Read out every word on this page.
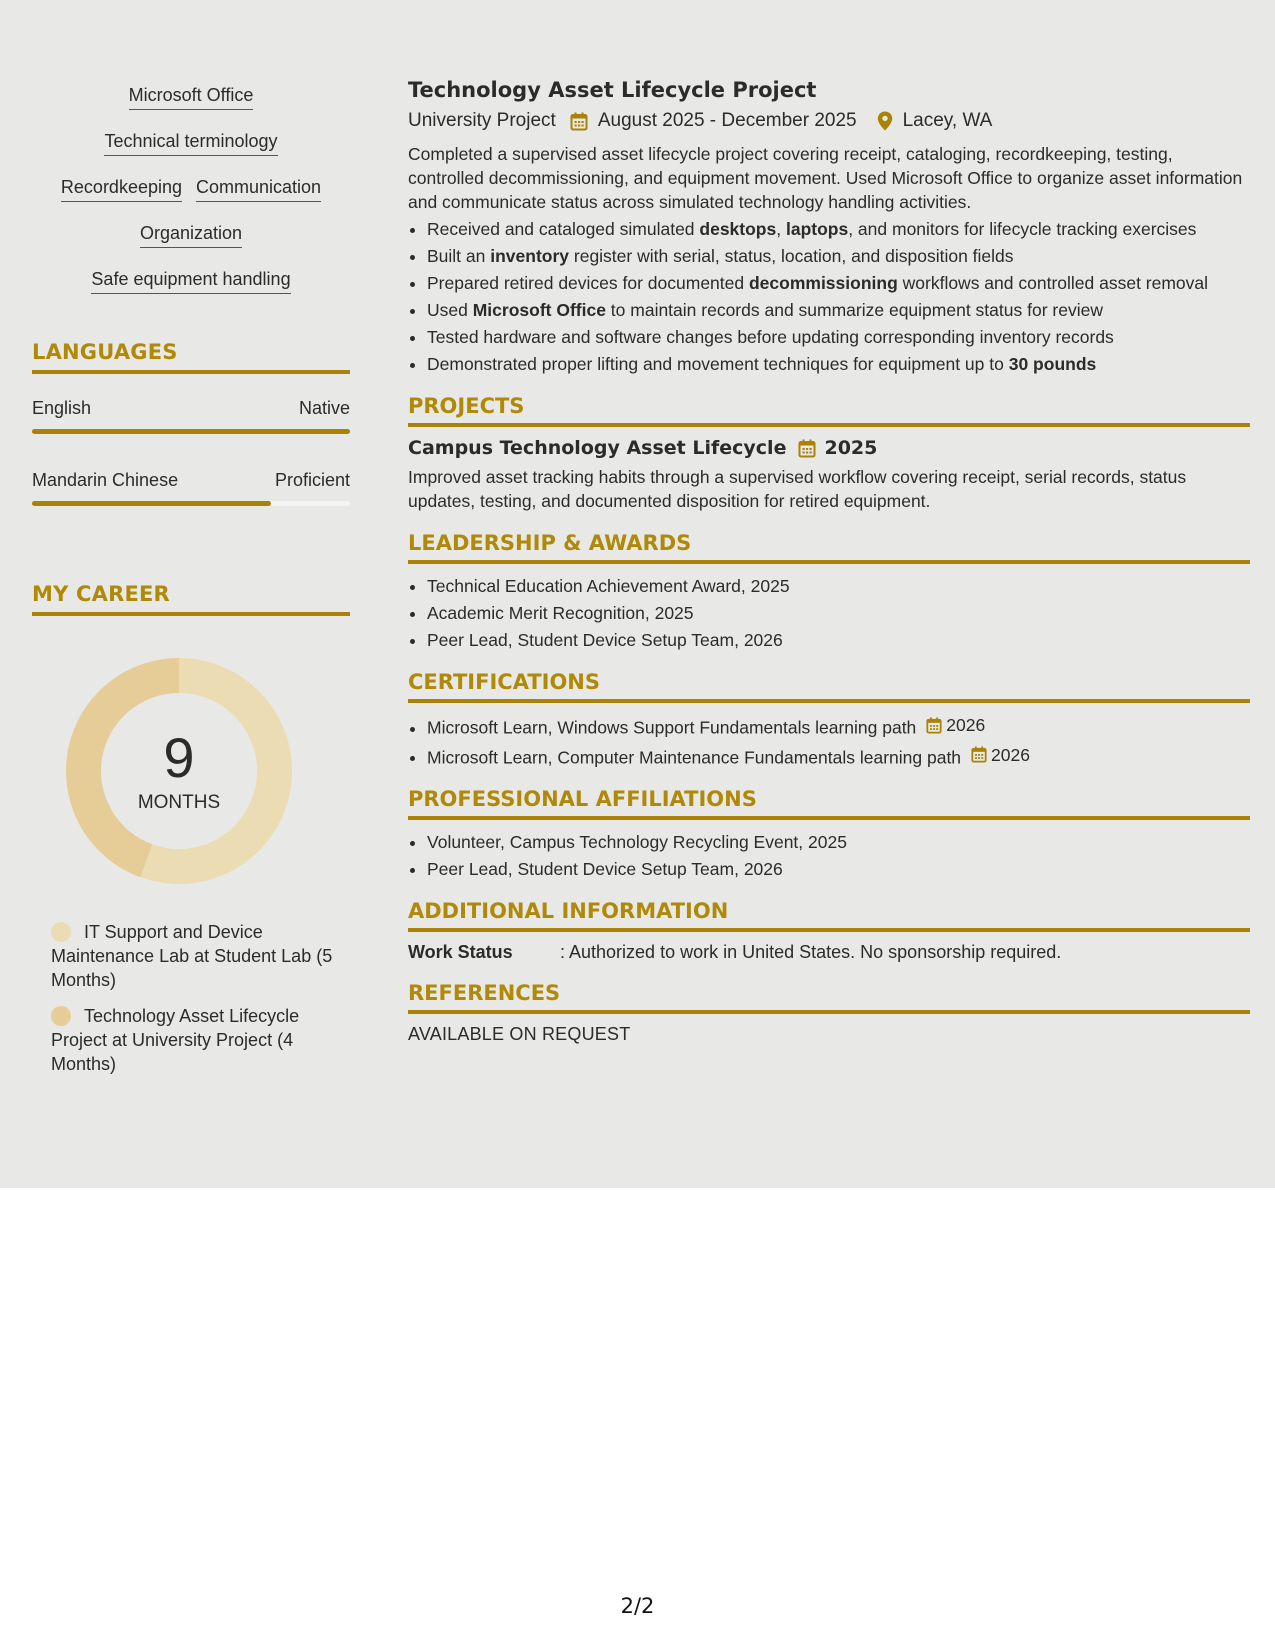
Microsoft Office
Technical terminology
Recordkeeping Communication
Organization
Safe equipment handling
LANGUAGES
English	Native
Mandarin Chinese	Proficient
MY CAREER
9
MONTHS
IT Support and Device Maintenance Lab at Student Lab (5 Months)
Technology Asset Lifecycle Project at University Project (4 Months)
Technology Asset Lifecycle Project
University Project August 2025 - December 2025 Lacey, WA
Completed a supervised asset lifecycle project covering receipt, cataloging, recordkeeping, testing, controlled decommissioning, and equipment movement. Used Microsoft Office to organize asset information and communicate status across simulated technology handling activities.
• Received and cataloged simulated desktops, laptops, and monitors for lifecycle tracking exercises
• Built an inventory register with serial, status, location, and disposition fields
• Prepared retired devices for documented decommissioning workflows and controlled asset removal
• Used Microsoft Office to maintain records and summarize equipment status for review
• Tested hardware and software changes before updating corresponding inventory records
• Demonstrated proper lifting and movement techniques for equipment up to 30 pounds
PROJECTS
Campus Technology Asset Lifecycle 2025
Improved asset tracking habits through a supervised workflow covering receipt, serial records, status updates, testing, and documented disposition for retired equipment.
LEADERSHIP & AWARDS
• Technical Education Achievement Award, 2025
• Academic Merit Recognition, 2025
• Peer Lead, Student Device Setup Team, 2026
CERTIFICATIONS
• Microsoft Learn, Windows Support Fundamentals learning path 2026
• Microsoft Learn, Computer Maintenance Fundamentals learning path 2026
PROFESSIONAL AFFILIATIONS
• Volunteer, Campus Technology Recycling Event, 2025
• Peer Lead, Student Device Setup Team, 2026
ADDITIONAL INFORMATION
Work Status	: Authorized to work in United States. No sponsorship required.
REFERENCES
AVAILABLE ON REQUEST
2/2
